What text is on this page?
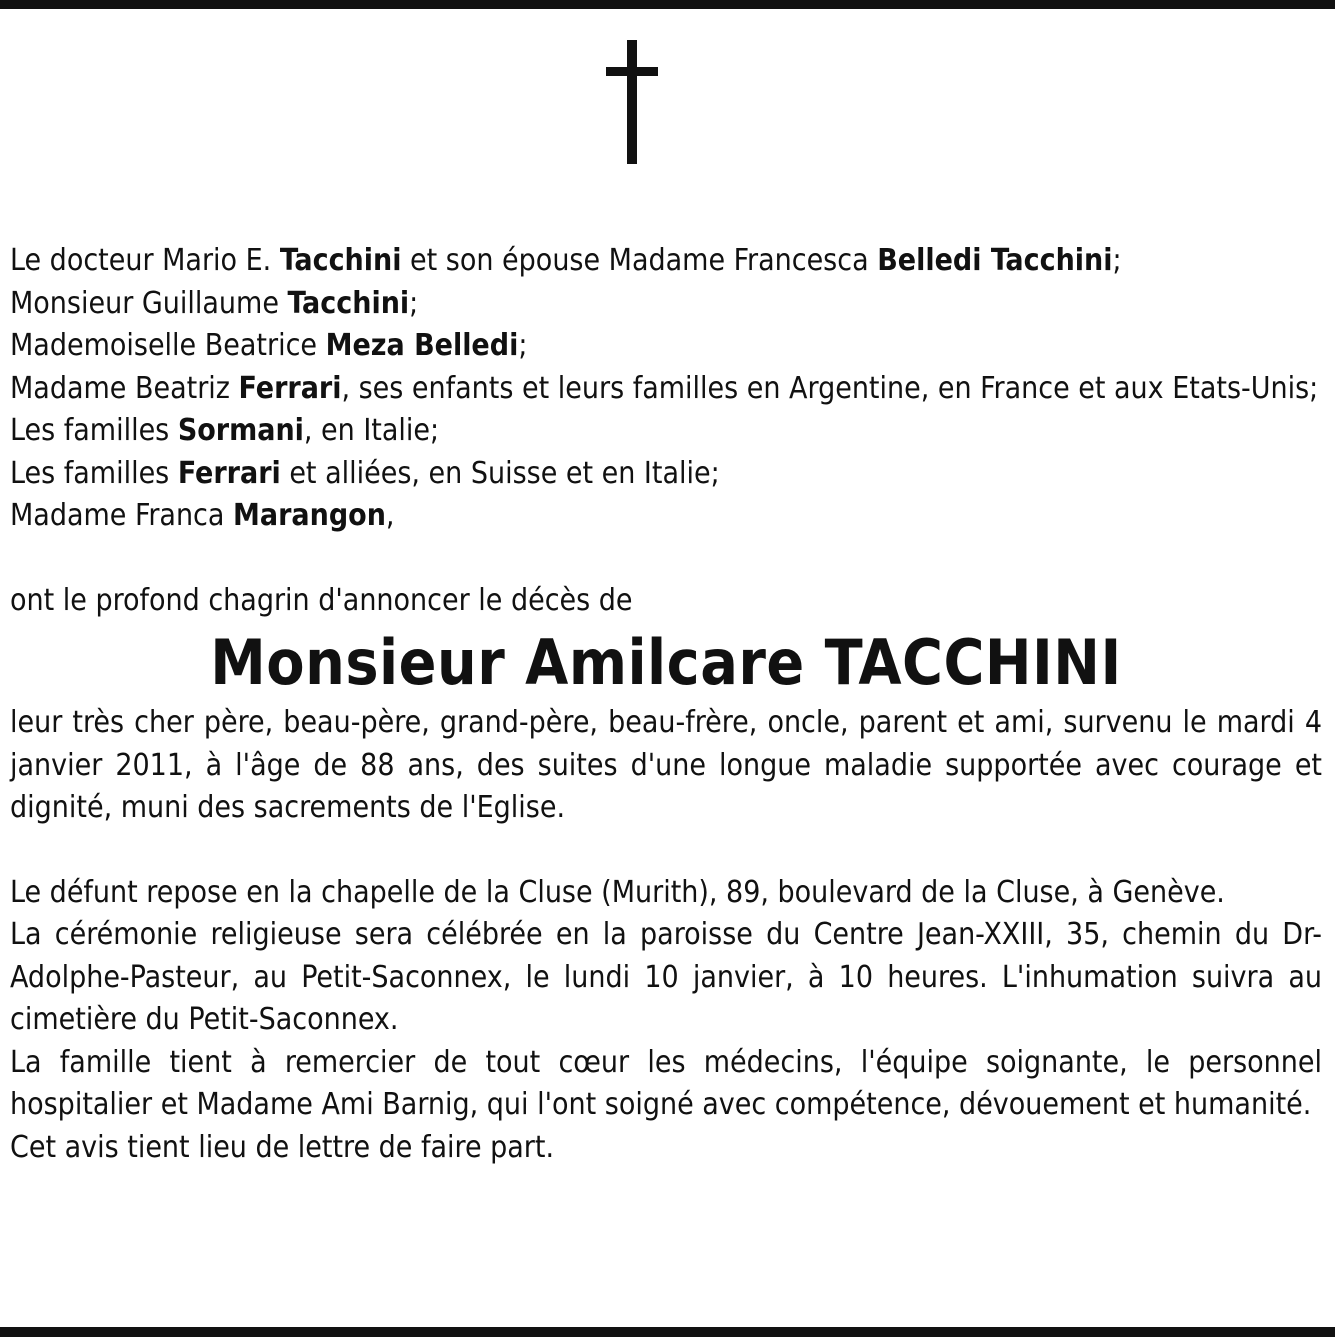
Le docteur Mario E. Tacchini et son épouse Madame Francesca Belledi Tacchini;

Monsieur Guillaume Tacchini;

Mademoiselle Beatrice Meza Belledi;

Madame Beatriz Ferrari, ses enfants et leurs familles en Argentine, en France et aux Etats-Unis;

Les familles Sormani, en Italie;

Les familles Ferrari et alliées, en Suisse et en Italie;

Madame Franca Marangon,

ont le profond chagrin d'annoncer le décès de

Monsieur Amilcare TACCHINI

leur très cher père, beau-père, grand-père, beau-frère, oncle, parent et ami, survenu le mardi 4 janvier 2011, à l'âge de 88 ans, des suites d'une longue maladie supportée avec courage et dignité, muni des sacrements de l'Eglise.

Le défunt repose en la chapelle de la Cluse (Murith), 89, boulevard de la Cluse, à Genève.

La cérémonie religieuse sera célébrée en la paroisse du Centre Jean-XXIII, 35, chemin du Dr-Adolphe-Pasteur, au Petit-Saconnex, le lundi 10 janvier, à 10 heures. L'inhumation suivra au cimetière du Petit-Saconnex.

La famille tient à remercier de tout cœur les médecins, l'équipe soignante, le personnel hospitalier et Madame Ami Barnig, qui l'ont soigné avec compétence, dévouement et humanité.

Cet avis tient lieu de lettre de faire part.
